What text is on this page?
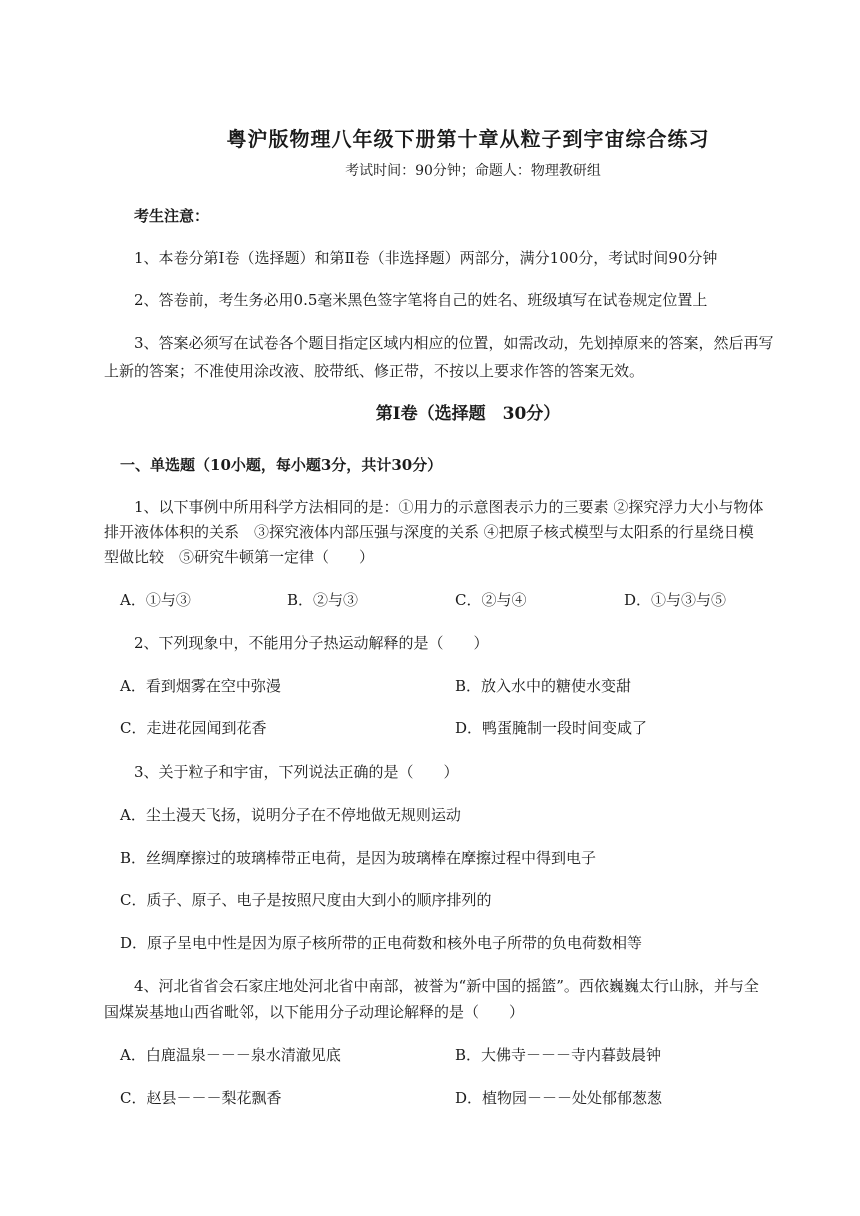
粤沪版物理八年级下册第十章从粒子到宇宙综合练习
考试时间：90分钟；命题人：物理教研组
考生注意：
1、本卷分第Ⅰ卷（选择题）和第Ⅱ卷（非选择题）两部分，满分100分，考试时间90分钟
2、答卷前，考生务必用0.5毫米黑色签字笔将自己的姓名、班级填写在试卷规定位置上
3、答案必须写在试卷各个题目指定区域内相应的位置，如需改动，先划掉原来的答案，然后再写
上新的答案；不准使用涂改液、胶带纸、修正带，不按以上要求作答的答案无效。
第Ⅰ卷（选择题　30分）
一、单选题（10小题，每小题3分，共计30分）
1、以下事例中所用科学方法相同的是：①用力的示意图表示力的三要素 ②探究浮力大小与物体
排开液体体积的关系　③探究液体内部压强与深度的关系 ④把原子核式模型与太阳系的行星绕日模
型做比较　⑤研究牛顿第一定律（　　）
A．①与③	B．②与③	C．②与④	D．①与③与⑤
2、下列现象中，不能用分子热运动解释的是（　　）
A．看到烟雾在空中弥漫	B．放入水中的糖使水变甜
C．走进花园闻到花香	D．鸭蛋腌制一段时间变咸了
3、关于粒子和宇宙，下列说法正确的是（　　）
A．尘土漫天飞扬，说明分子在不停地做无规则运动
B．丝绸摩擦过的玻璃棒带正电荷，是因为玻璃棒在摩擦过程中得到电子
C．质子、原子、电子是按照尺度由大到小的顺序排列的
D．原子呈电中性是因为原子核所带的正电荷数和核外电子所带的负电荷数相等
4、河北省省会石家庄地处河北省中南部，被誉为“新中国的摇篮”。西依巍巍太行山脉，并与全
国煤炭基地山西省毗邻，以下能用分子动理论解释的是（　　）
A．白鹿温泉－－－泉水清澈见底	B．大佛寺－－－寺内暮鼓晨钟
C．赵县－－－梨花飘香	D．植物园－－－处处郁郁葱葱
